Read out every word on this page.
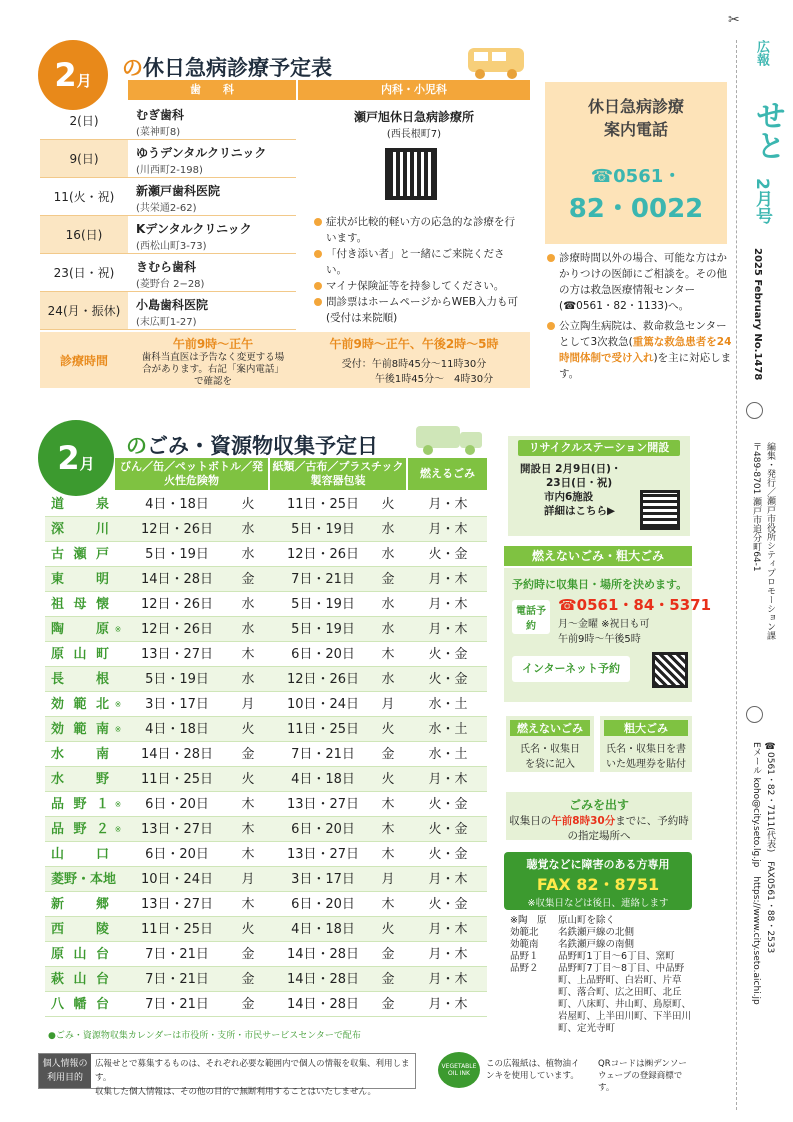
2 月
の休日急病診療予定表
歯　　科	内科・小児科
2(日)	むぎ歯科
(菜神町8)
9(日)	ゆうデンタルクリニック
(川西町2-198)
11(火・祝)	新瀬戸歯科医院
(共栄通2-62)
16(日)	Kデンタルクリニック
(西松山町3-73)
23(日・祝)	きむら歯科
(菱野台 2−28)
24(月・振休)	小島歯科医院
(末広町1-27)
瀬戸旭休日急病診療所
(西長根町7)
症状が比較的軽い方の応急的な診療を行います。
「付き添い者」と一緒にご来院ください。
マイナ保険証等を持参してください。
問診票はホームページからWEB入力も可(受付は来院順)
診療時間
午前9時〜正午
歯科当直医は予告なく変更する場合があります。右記「案内電話」で確認を
午前9時〜正午、午後2時〜5時
受付：午前8時45分〜11時30分
午後1時45分〜　4時30分
休日急病診療
案内電話
☎0561・
82・0022
診療時間以外の場合、可能な方はかかりつけの医師にご相談を。その他の方は救急医療情報センター(☎0561・82・1133)へ。
公立陶生病院は、救命救急センターとして3次救急(重篤な救急患者を24時間体制で受け入れ)を主に対応します。
2 月
のごみ・資源物収集予定日
びん／缶／ペットボトル／発火性危険物
紙類／古布／プラスチック製容器包装
燃えるごみ
道　泉	4日・18日	火	11日・25日	火	月・木
深　川	12日・26日	水	5日・19日	水	月・木
古瀬戸	5日・19日	水	12日・26日	水	火・金
東　明	14日・28日	金	7日・21日	金	月・木
祖母懐	12日・26日	水	5日・19日	水	月・木
陶　原 ※	12日・26日	水	5日・19日	水	月・木
原山町	13日・27日	木	6日・20日	木	火・金
長　根	5日・19日	水	12日・26日	水	火・金
効範北 ※	3日・17日	月	10日・24日	月	水・土
効範南 ※	4日・18日	火	11日・25日	火	水・土
水　南	14日・28日	金	7日・21日	金	水・土
水　野	11日・25日	火	4日・18日	火	月・木
品野１ ※	6日・20日	木	13日・27日	木	火・金
品野２ ※	13日・27日	木	6日・20日	木	火・金
山　口	6日・20日	木	13日・27日	木	火・金
菱野・本地	10日・24日	月	3日・17日	月	月・木
新　郷	13日・27日	木	6日・20日	木	火・金
西　陵	11日・25日	火	4日・18日	火	月・木
原山台	7日・21日	金	14日・28日	金	月・木
萩山台	7日・21日	金	14日・28日	金	月・木
八幡台	7日・21日	金	14日・28日	金	月・木
●ごみ・資源物収集カレンダーは市役所・支所・市民サービスセンターで配布
リサイクルステーション開設
開設日 2月9日(日)・
23日(日・祝)
市内6施設
詳細はこちら▶
燃えないごみ・粗大ごみ
予約時に収集日・場所を決めます。
電話予約
☎0561・84・5371
月〜金曜 ※祝日も可
午前9時〜午後5時
インターネット予約
燃えないごみ
氏名・収集日を袋に記入
粗大ごみ
氏名・収集日を書いた処理券を貼付
ごみを出す
収集日の午前8時30分までに、予約時の指定場所へ
聴覚などに障害のある方専用
FAX 82・8751
※収集日などは後日、連絡します
※陶　原	原山町を除く
効範北	名鉄瀬戸線の北側
効範南	名鉄瀬戸線の南側
品野１	品野町1丁目〜6丁目、窯町
品野２	品野町7丁目〜8丁目、中品野町、上品野町、白岩町、片草町、落合町、広之田町、北丘町、八床町、井山町、鳥原町、岩屋町、上半田川町、下半田川町、定光寺町
個人情報の利用目的
広報せとで募集するものは、それぞれ必要な範囲内で個人の情報を収集、利用します。
収集した個人情報は、その他の目的で無断利用することはいたしません。
VEGETABLE OIL INK
この広報紙は、植物油インキを使用しています。
QRコードは㈱デンソーウェーブの登録商標です。
✂
広報
せと
2月号
2025 February No.1478
編集・発行／瀬戸市役所シティプロモーション課
〒489-8701 瀬戸市追分町64-1
☎0561・82・7111(代表)　FAX0561・88・2533
Eメール koho@city.seto.lg.jp　https://www.city.seto.aichi.jp
